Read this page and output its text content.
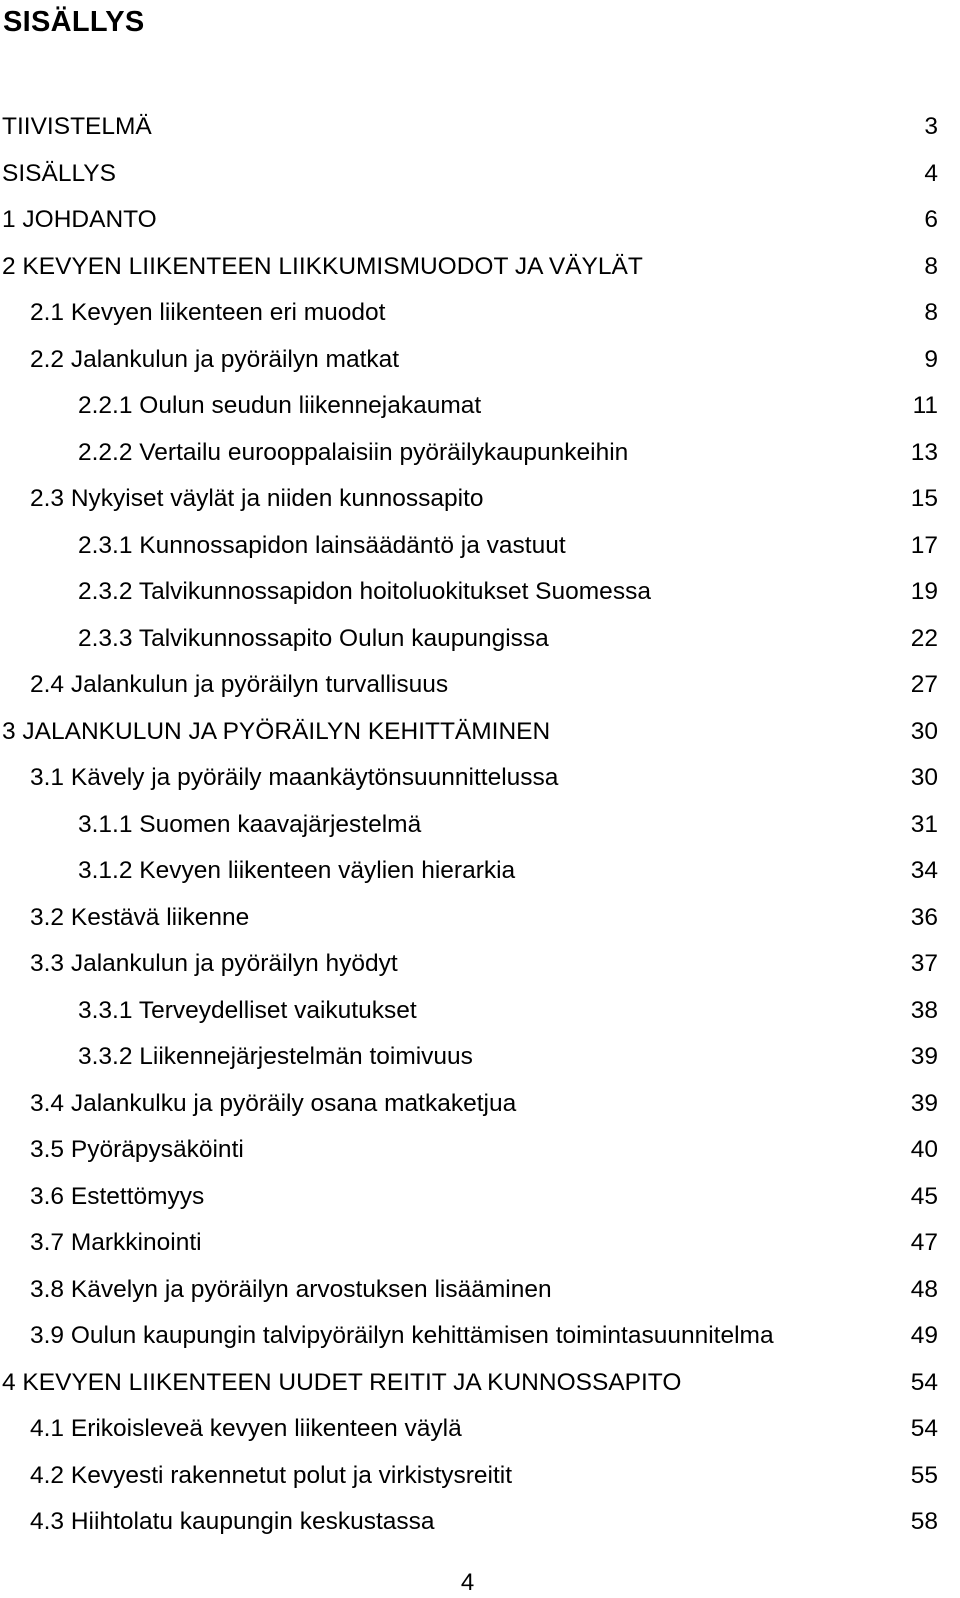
SISÄLLYS
TIIVISTELMÄ	3
SISÄLLYS	4
1 JOHDANTO	6
2 KEVYEN LIIKENTEEN LIIKKUMISMUODOT JA VÄYLÄT	8
2.1 Kevyen liikenteen eri muodot	8
2.2 Jalankulun ja pyöräilyn matkat	9
2.2.1 Oulun seudun liikennejakaumat	11
2.2.2 Vertailu eurooppalaisiin pyöräilykaupunkeihin	13
2.3 Nykyiset väylät ja niiden kunnossapito	15
2.3.1 Kunnossapidon lainsäädäntö ja vastuut	17
2.3.2 Talvikunnossapidon hoitoluokitukset Suomessa	19
2.3.3 Talvikunnossapito Oulun kaupungissa	22
2.4 Jalankulun ja pyöräilyn turvallisuus	27
3 JALANKULUN JA PYÖRÄILYN KEHITTÄMINEN	30
3.1 Kävely ja pyöräily maankäytönsuunnittelussa	30
3.1.1 Suomen kaavajärjestelmä	31
3.1.2 Kevyen liikenteen väylien hierarkia	34
3.2 Kestävä liikenne	36
3.3 Jalankulun ja pyöräilyn hyödyt	37
3.3.1 Terveydelliset vaikutukset	38
3.3.2 Liikennejärjestelmän toimivuus	39
3.4 Jalankulku ja pyöräily osana matkaketjua	39
3.5 Pyöräpysäköinti	40
3.6 Estettömyys	45
3.7 Markkinointi	47
3.8 Kävelyn ja pyöräilyn arvostuksen lisääminen	48
3.9 Oulun kaupungin talvipyöräilyn kehittämisen toimintasuunnitelma	49
4 KEVYEN LIIKENTEEN UUDET REITIT JA KUNNOSSAPITO	54
4.1 Erikoisleveä kevyen liikenteen väylä	54
4.2 Kevyesti rakennetut polut ja virkistysreitit	55
4.3 Hiihtolatu kaupungin keskustassa	58
4
